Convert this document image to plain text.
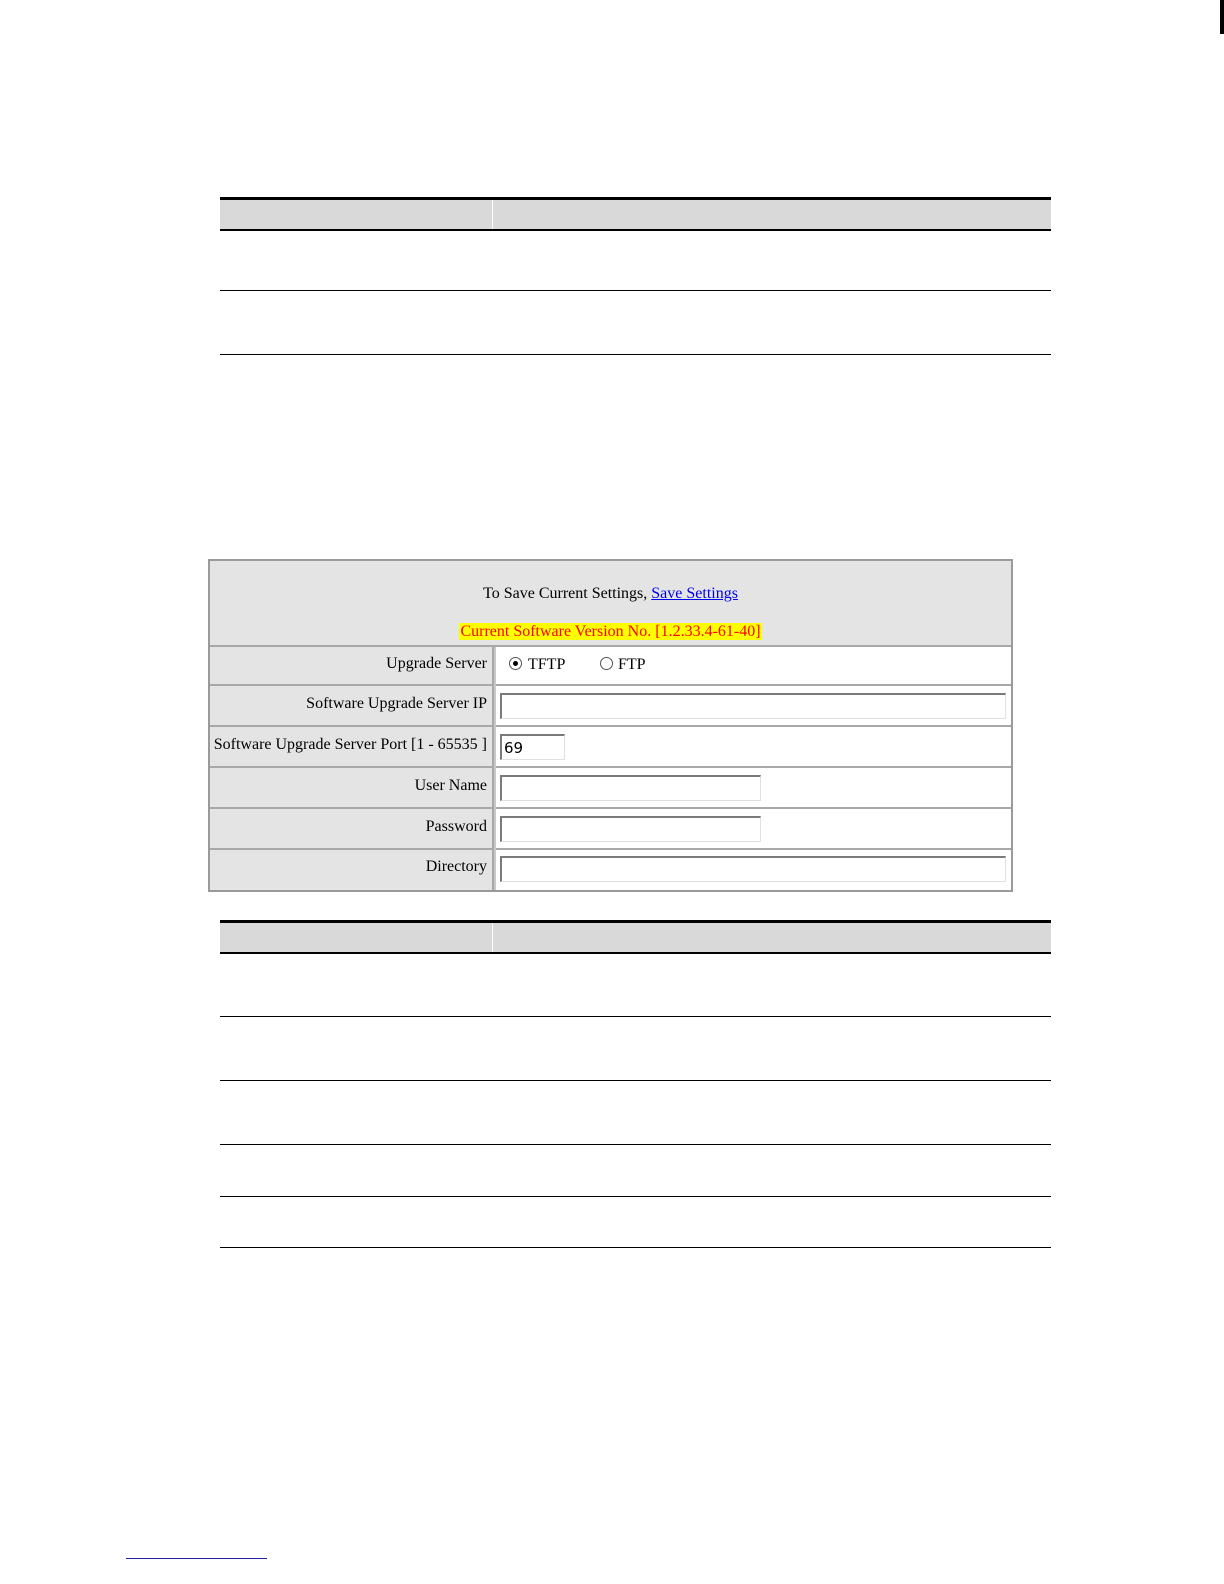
To Save Current Settings, Save Settings
Current Software Version No. [1.2.33.4-61-40]
Upgrade Server	TFTP	FTP
Software Upgrade Server IP
Software Upgrade Server Port [1 - 65535 ]
69
User Name
Password
Directory
